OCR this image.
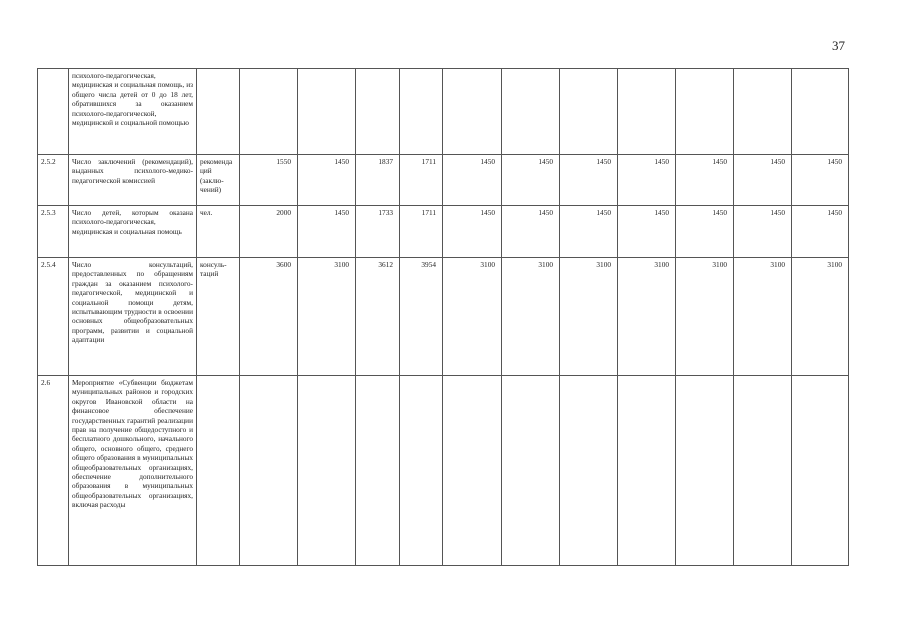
37
	психолого-педагогическая, медицинская и социальная помощь, из общего числа детей от 0 до 18 лет, обратившихся за оказанием психолого-педагогической, медицинской и социальной помощью												
2.5.2	Число заключений (рекомендаций), выданных психолого-медико-педагогической комиссией	рекоменда ций (заклю-чений)	1550	1450	1837	1711	1450	1450	1450	1450	1450	1450	1450
2.5.3	Число детей, которым оказана психолого-педагогическая, медицинская и социальная помощь	чел.	2000	1450	1733	1711	1450	1450	1450	1450	1450	1450	1450
2.5.4	Число консультаций, предоставленных по обращениям граждан за оказанием психолого-педагогической, медицинской и социальной помощи детям, испытывающим трудности в освоении основных общеобразовательных программ, развитии и социальной адаптации	консуль-таций	3600	3100	3612	3954	3100	3100	3100	3100	3100	3100	3100
2.6	Мероприятие «Субвенции бюджетам муниципальных районов и городских округов Ивановской области на финансовое обеспечение государственных гарантий реализации прав на получение общедоступного и бесплатного дошкольного, начального общего, основного общего, среднего общего образования в муниципальных общеобразовательных организациях, обеспечение дополнительного образования в муниципальных общеобразовательных организациях, включая расходы												
